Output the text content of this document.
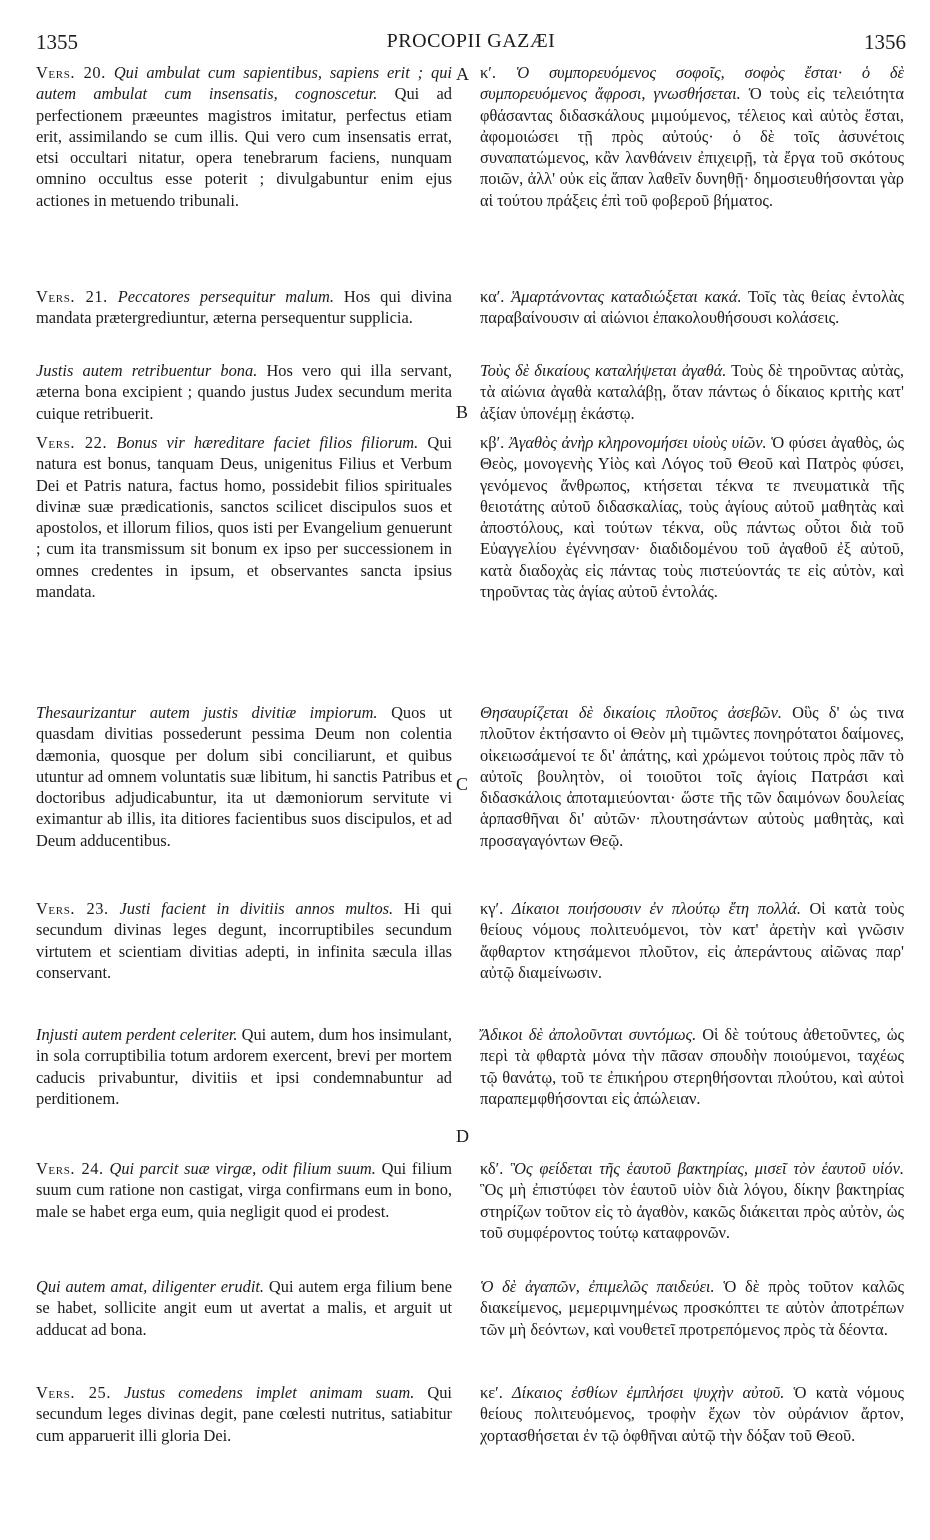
1355	PROCOPII GAZÆI	1356
A
B
C
D

Vers. 20. Qui ambulat cum sapientibus, sapiens erit ; qui autem ambulat cum insensatis, cognoscetur. Qui ad perfectionem præeuntes magistros imitatur, perfectus etiam erit, assimilando se cum illis. Qui vero cum insensatis errat, etsi occultari nitatur, opera tenebrarum faciens, nunquam omnino occultus esse poterit ; divulgabuntur enim ejus actiones in metuendo tribunali.

Vers. 21. Peccatores persequitur malum. Hos qui divina mandata prætergrediuntur, æterna persequentur supplicia.

Justis autem retribuentur bona. Hos vero qui illa servant, æterna bona excipient ; quando justus Judex secundum merita cuique retribuerit.

Vers. 22. Bonus vir hæreditare faciet filios filiorum. Qui natura est bonus, tanquam Deus, unigenitus Filius et Verbum Dei et Patris natura, factus homo, possidebit filios spirituales divinæ suæ prædicationis, sanctos scilicet discipulos suos et apostolos, et illorum filios, quos isti per Evangelium genuerunt ; cum ita transmissum sit bonum ex ipso per successionem in omnes credentes in ipsum, et observantes sancta ipsius mandata.

Thesaurizantur autem justis divitiæ impiorum. Quos ut quasdam divitias possederunt pessima Deum non colentia dæmonia, quosque per dolum sibi conciliarunt, et quibus utuntur ad omnem voluntatis suæ libitum, hi sanctis Patribus et doctoribus adjudicabuntur, ita ut dæmoniorum servitute vi eximantur ab illis, ita ditiores facientibus suos discipulos, et ad Deum adducentibus.

Vers. 23. Justi facient in divitiis annos multos. Hi qui secundum divinas leges degunt, incorruptibiles secundum virtutem et scientiam divitias adepti, in infinita sæcula illas conservant.

Injusti autem perdent celeriter. Qui autem, dum hos insimulant, in sola corruptibilia totum ardorem exercent, brevi per mortem caducis privabuntur, divitiis et ipsi condemnabuntur ad perditionem.

Vers. 24. Qui parcit suæ virgæ, odit filium suum. Qui filium suum cum ratione non castigat, virga confirmans eum in bono, male se habet erga eum, quia negligit quod ei prodest.

Qui autem amat, diligenter erudit. Qui autem erga filium bene se habet, sollicite angit eum ut avertat a malis, et arguit ut adducat ad bona.

Vers. 25. Justus comedens implet animam suam. Qui secundum leges divinas degit, pane cœlesti nutritus, satiabitur cum apparuerit illi gloria Dei.

κʹ. Ὁ συμπορευόμενος σοφοῖς, σοφὸς ἔσται· ὁ δὲ συμπορευόμενος ἄφροσι, γνωσθήσεται. Ὁ τοὺς εἰς τελειότητα φθάσαντας διδασκάλους μιμούμενος, τέλειος καὶ αὐτὸς ἔσται, ἀφομοιώσει τῇ πρὸς αὐτούς· ὁ δὲ τοῖς ἀσυνέτοις συναπατώμενος, κἂν λανθάνειν ἐπιχειρῇ, τὰ ἔργα τοῦ σκότους ποιῶν, ἀλλ' οὐκ εἰς ἅπαν λαθεῖν δυνηθῇ· δημοσιευθήσονται γὰρ αἱ τούτου πράξεις ἐπὶ τοῦ φοβεροῦ βήματος.

καʹ. Ἁμαρτάνοντας καταδιώξεται κακά. Τοῖς τὰς θείας ἐντολὰς παραβαίνουσιν αἱ αἰώνιοι ἐπακολουθήσουσι κολάσεις.

Τοὺς δὲ δικαίους καταλήψεται ἀγαθά. Τοὺς δὲ τηροῦντας αὐτὰς, τὰ αἰώνια ἀγαθὰ καταλάβῃ, ὅταν πάντως ὁ δίκαιος κριτὴς κατ' ἀξίαν ὑπονέμῃ ἑκάστῳ.

κβʹ. Ἀγαθὸς ἀνὴρ κληρονομήσει υἱοὺς υἱῶν. Ὁ φύσει ἀγαθὸς, ὡς Θεὸς, μονογενὴς Υἱὸς καὶ Λόγος τοῦ Θεοῦ καὶ Πατρὸς φύσει, γενόμενος ἄνθρωπος, κτήσεται τέκνα τε πνευματικὰ τῆς θειοτάτης αὐτοῦ διδασκαλίας, τοὺς ἁγίους αὐτοῦ μαθητὰς καὶ ἀποστόλους, καὶ τούτων τέκνα, οὓς πάντως οὗτοι διὰ τοῦ Εὐαγγελίου ἐγέννησαν· διαδιδομένου τοῦ ἀγαθοῦ ἐξ αὐτοῦ, κατὰ διαδοχὰς εἰς πάντας τοὺς πιστεύοντάς τε εἰς αὐτὸν, καὶ τηροῦντας τὰς ἁγίας αὐτοῦ ἐντολάς.

Θησαυρίζεται δὲ δικαίοις πλοῦτος ἀσεβῶν. Οὓς δ' ὡς τινα πλοῦτον ἐκτήσαντο οἱ Θεὸν μὴ τιμῶντες πονηρότατοι δαίμονες, οἰκειωσάμενοί τε δι' ἀπάτης, καὶ χρώμενοι τούτοις πρὸς πᾶν τὸ αὐτοῖς βουλητὸν, οἱ τοιοῦτοι τοῖς ἁγίοις Πατράσι καὶ διδασκάλοις ἀποταμιεύονται· ὥστε τῆς τῶν δαιμόνων δουλείας ἁρπασθῆναι δι' αὐτῶν· πλουτησάντων αὐτοὺς μαθητὰς, καὶ προσαγαγόντων Θεῷ.

κγʹ. Δίκαιοι ποιήσουσιν ἐν πλούτῳ ἔτη πολλά. Οἱ κατὰ τοὺς θείους νόμους πολιτευόμενοι, τὸν κατ' ἀρετὴν καὶ γνῶσιν ἄφθαρτον κτησάμενοι πλοῦτον, εἰς ἀπεράντους αἰῶνας παρ' αὐτῷ διαμείνωσιν.

Ἄδικοι δὲ ἀπολοῦνται συντόμως. Οἱ δὲ τούτους ἀθετοῦντες, ὡς περὶ τὰ φθαρτὰ μόνα τὴν πᾶσαν σπουδὴν ποιούμενοι, ταχέως τῷ θανάτῳ, τοῦ τε ἐπικήρου στερηθήσονται πλούτου, καὶ αὐτοὶ παραπεμφθήσονται εἰς ἀπώλειαν.

κδʹ. Ὃς φείδεται τῆς ἑαυτοῦ βακτηρίας, μισεῖ τὸν ἑαυτοῦ υἱόν. Ὃς μὴ ἐπιστύφει τὸν ἑαυτοῦ υἱὸν διὰ λόγου, δίκην βακτηρίας στηρίζων τοῦτον εἰς τὸ ἀγαθὸν, κακῶς διάκειται πρὸς αὐτὸν, ὡς τοῦ συμφέροντος τούτῳ καταφρονῶν.

Ὁ δὲ ἀγαπῶν, ἐπιμελῶς παιδεύει. Ὁ δὲ πρὸς τοῦτον καλῶς διακείμενος, μεμεριμνημένως προσκόπτει τε αὐτὸν ἀποτρέπων τῶν μὴ δεόντων, καὶ νουθετεῖ προτρεπόμενος πρὸς τὰ δέοντα.

κεʹ. Δίκαιος ἐσθίων ἐμπλήσει ψυχὴν αὐτοῦ. Ὁ κατὰ νόμους θείους πολιτευόμενος, τροφὴν ἔχων τὸν οὐράνιον ἄρτον, χορτασθήσεται ἐν τῷ ὀφθῆναι αὐτῷ τὴν δόξαν τοῦ Θεοῦ.
